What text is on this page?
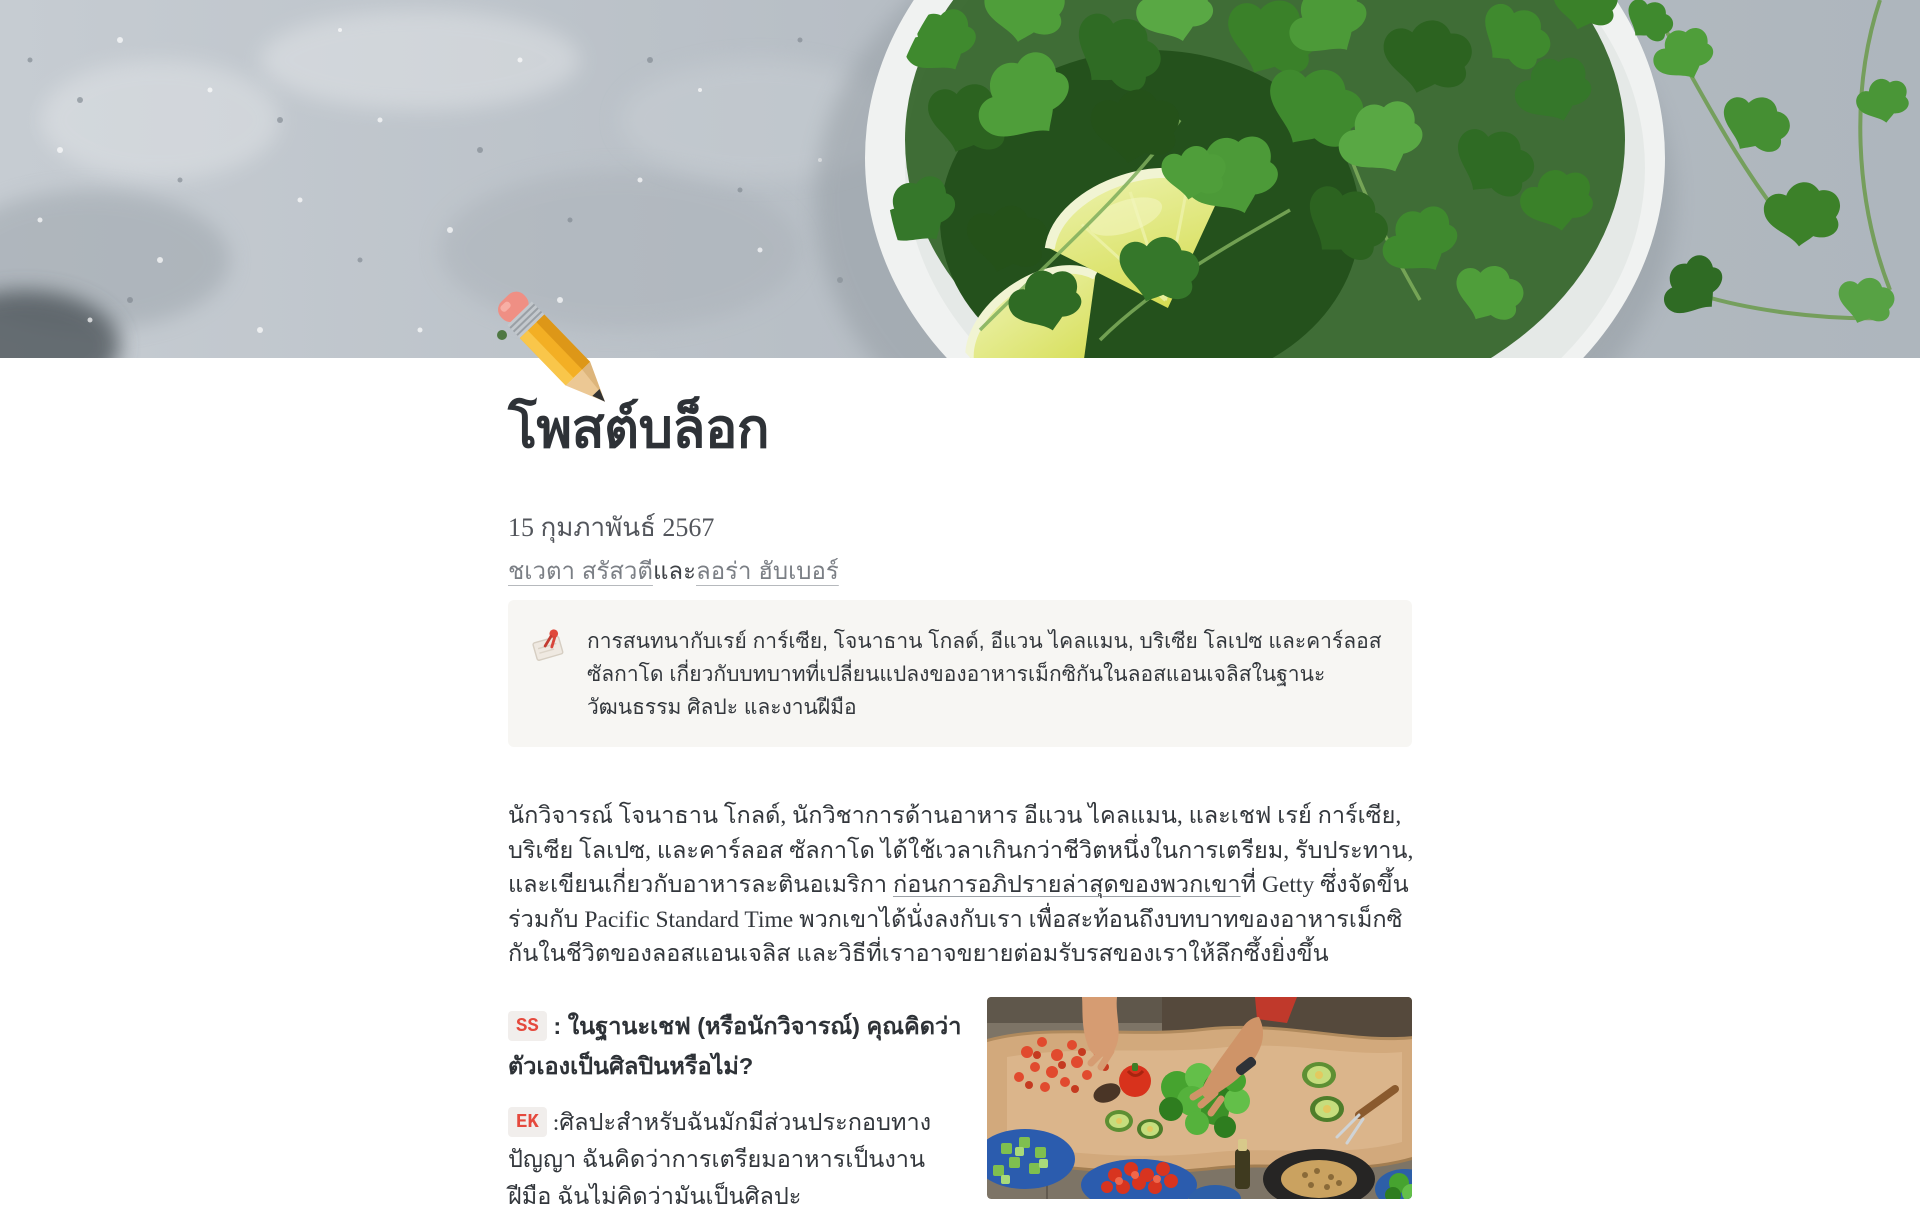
โพสต์บล็อก
15 กุมภาพันธ์ 2567
ชเวตา สรัสวตีและลอร่า ฮับเบอร์
การสนทนากับเรย์ การ์เซีย, โจนาธาน โกลด์, อีแวน ไคลแมน, บริเซีย โลเปซ และคาร์ลอส ซัลกาโด เกี่ยวกับบทบาทที่เปลี่ยนแปลงของอาหารเม็กซิกันในลอสแอนเจลิสในฐานะวัฒนธรรม ศิลปะ และงานฝีมือ

นักวิจารณ์ โจนาธาน โกลด์, นักวิชาการด้านอาหาร อีแวน ไคลแมน, และเชฟ เรย์ การ์เซีย, บริเซีย โลเปซ, และคาร์ลอส ซัลกาโด ได้ใช้เวลาเกินกว่าชีวิตหนึ่งในการเตรียม, รับประทาน, และเขียนเกี่ยวกับอาหารละตินอเมริกา ก่อนการอภิปรายล่าสุดของพวกเขาที่ Getty ซึ่งจัดขึ้นร่วมกับ Pacific Standard Time พวกเขาได้นั่งลงกับเรา เพื่อสะท้อนถึงบทบาทของอาหารเม็กซิกันในชีวิตของลอสแอนเจลิส และวิธีที่เราอาจขยายต่อมรับรสของเราให้ลึกซึ้งยิ่งขึ้น

SS : ในฐานะเชฟ (หรือนักวิจารณ์) คุณคิดว่าตัวเองเป็นศิลปินหรือไม่?

EK :ศิลปะสำหรับฉันมักมีส่วนประกอบทางปัญญา ฉันคิดว่าการเตรียมอาหารเป็นงานฝีมือ ฉันไม่คิดว่ามันเป็นศิลปะ
